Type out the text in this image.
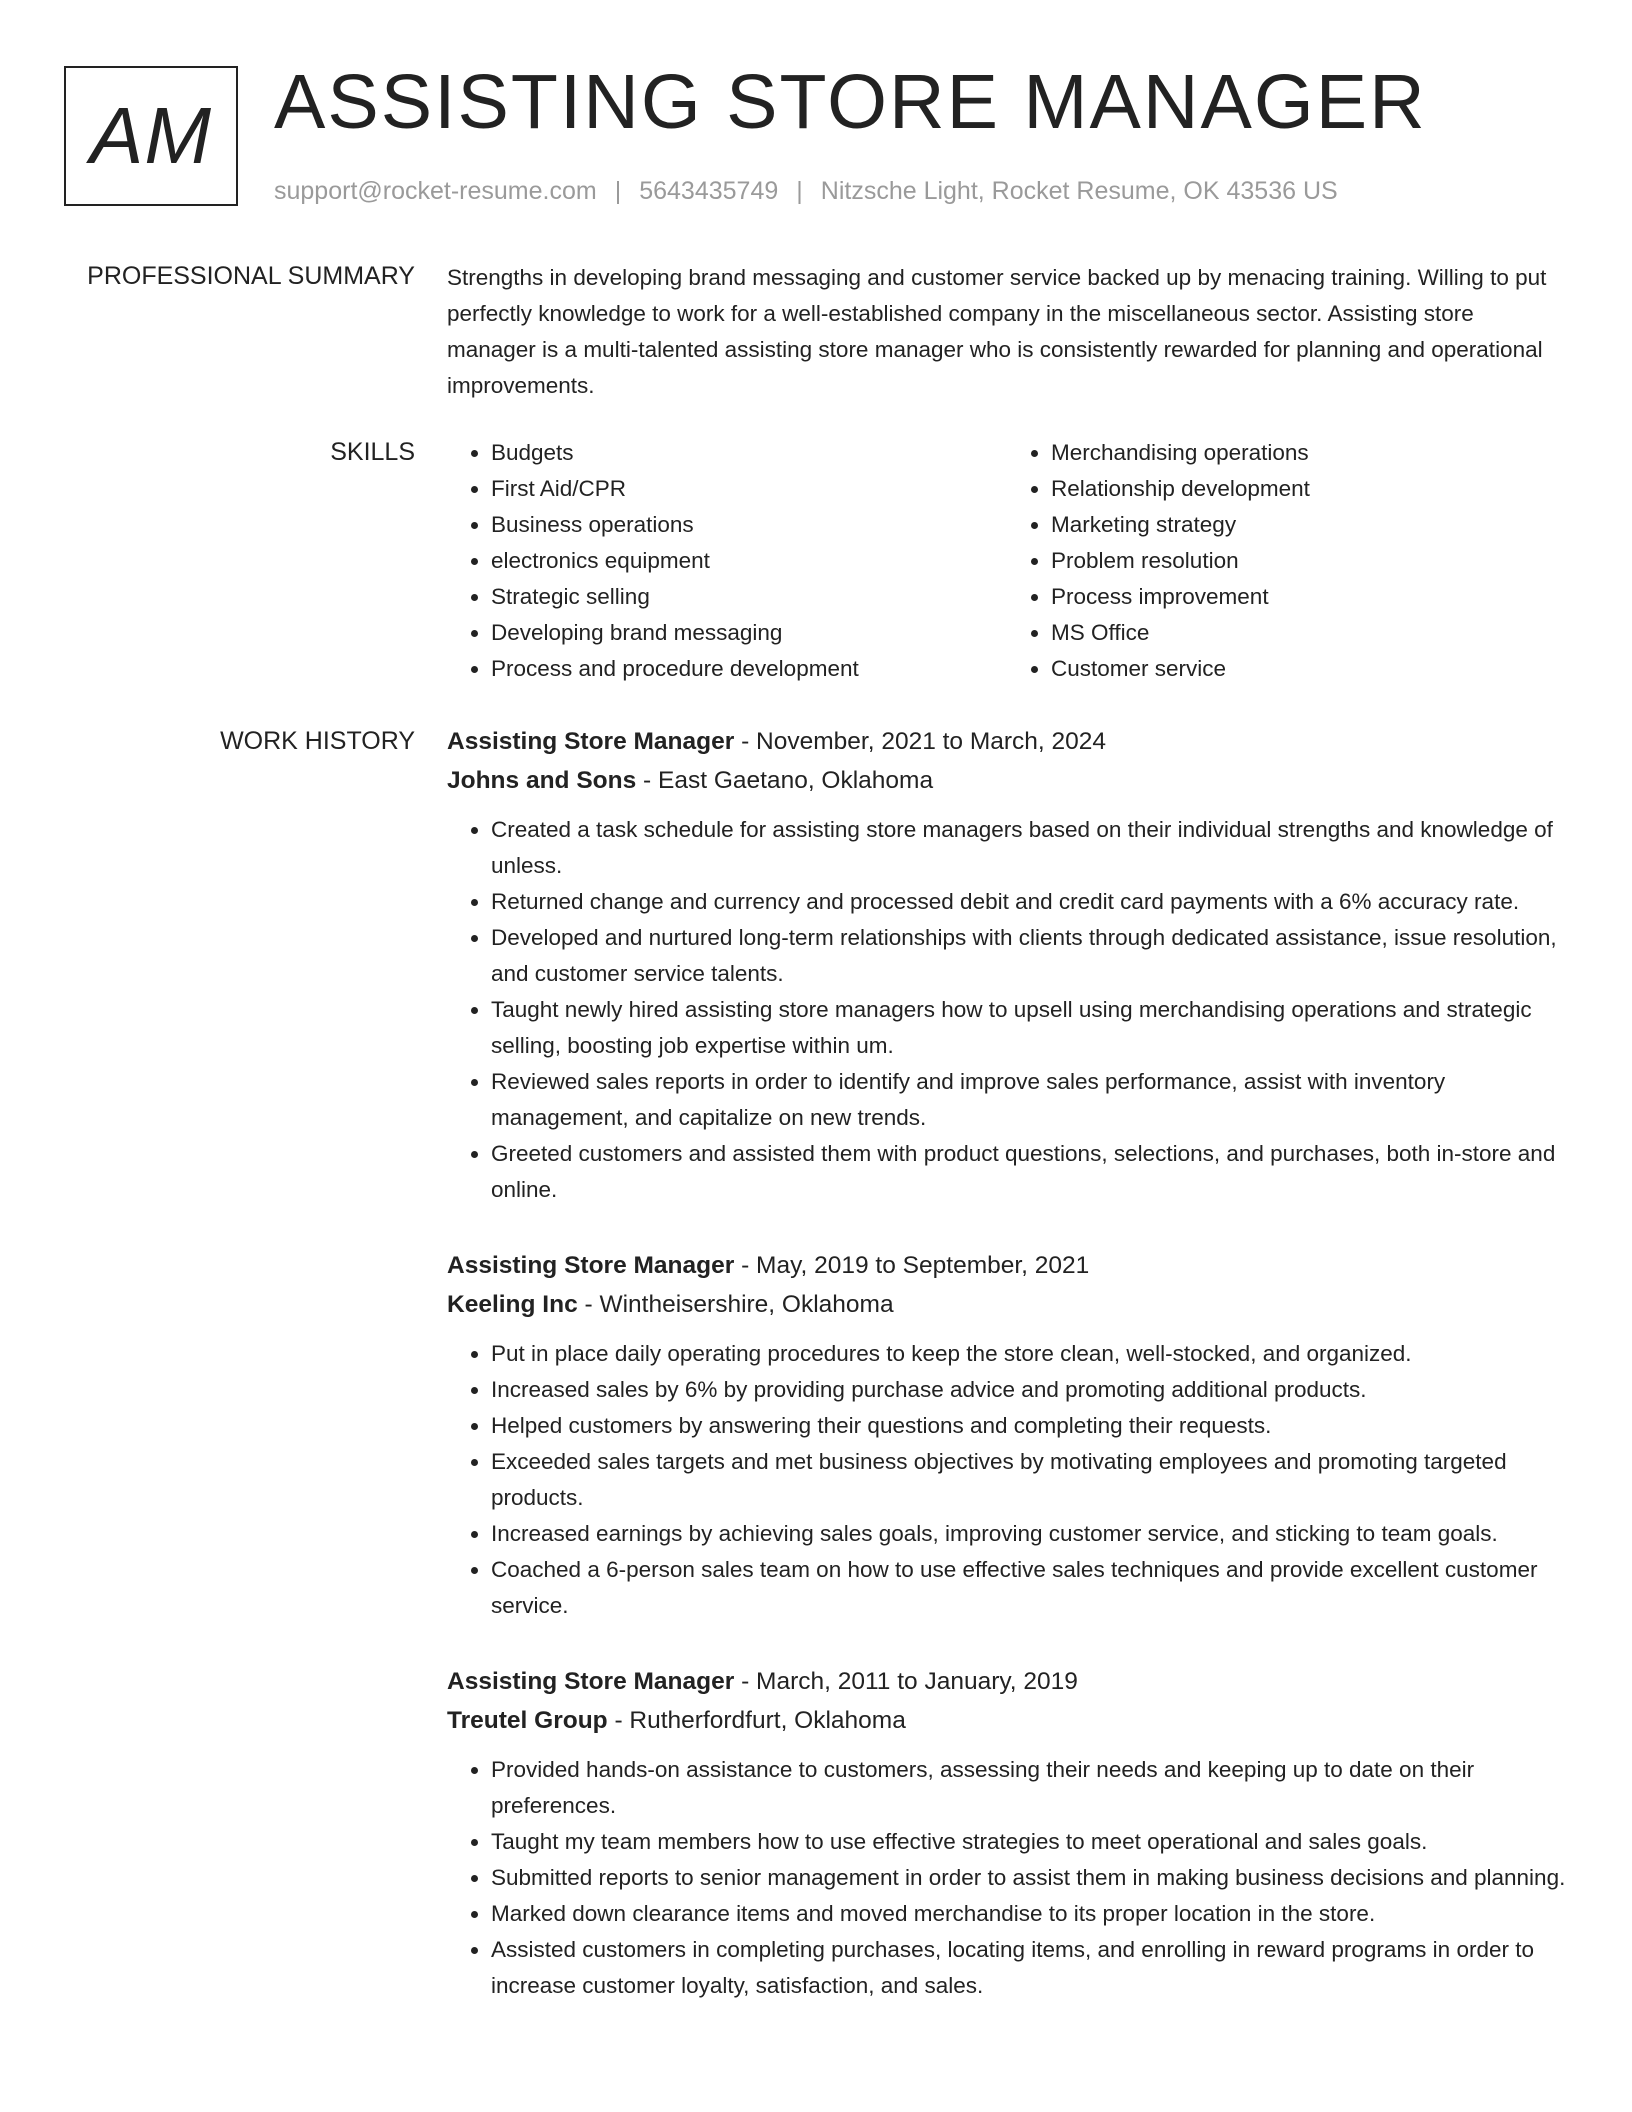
AM ASSISTING STORE MANAGER
support@rocket-resume.com | 5643435749 | Nitzsche Light, Rocket Resume, OK 43536 US
PROFESSIONAL SUMMARY Strengths in developing brand messaging and customer service backed up by menacing training. Willing to put perfectly knowledge to work for a well-established company in the miscellaneous sector. Assisting store manager is a multi-talented assisting store manager who is consistently rewarded for planning and operational improvements.
SKILLS
•	Budgets
• First Aid/CPR
• Business operations
• electronics equipment
• Strategic selling
• Developing brand messaging
• Process and procedure development
• Merchandising operations
• Relationship development
• Marketing strategy
• Problem resolution
• Process improvement
• MS Office
• Customer service
WORK HISTORY Assisting Store Manager - November, 2021 to March, 2024
Johns and Sons - East Gaetano, Oklahoma
• Created a task schedule for assisting store managers based on their individual strengths and knowledge of unless.
• Returned change and currency and processed debit and credit card payments with a 6% accuracy rate.
• Developed and nurtured long-term relationships with clients through dedicated assistance, issue resolution, and customer service talents.
• Taught newly hired assisting store managers how to upsell using merchandising operations and strategic selling, boosting job expertise within um.
• Reviewed sales reports in order to identify and improve sales performance, assist with inventory management, and capitalize on new trends.
• Greeted customers and assisted them with product questions, selections, and purchases, both in-store and online.
Assisting Store Manager - May, 2019 to September, 2021
Keeling Inc - Wintheisershire, Oklahoma
• Put in place daily operating procedures to keep the store clean, well-stocked, and organized.
• Increased sales by 6% by providing purchase advice and promoting additional products.
• Helped customers by answering their questions and completing their requests.
• Exceeded sales targets and met business objectives by motivating employees and promoting targeted products.
• Increased earnings by achieving sales goals, improving customer service, and sticking to team goals.
• Coached a 6-person sales team on how to use effective sales techniques and provide excellent customer service.
Assisting Store Manager - March, 2011 to January, 2019
Treutel Group - Rutherfordfurt, Oklahoma
• Provided hands-on assistance to customers, assessing their needs and keeping up to date on their preferences.
• Taught my team members how to use effective strategies to meet operational and sales goals.
• Submitted reports to senior management in order to assist them in making business decisions and planning.
• Marked down clearance items and moved merchandise to its proper location in the store.
• Assisted customers in completing purchases, locating items, and enrolling in reward programs in order to increase customer loyalty, satisfaction, and sales.
